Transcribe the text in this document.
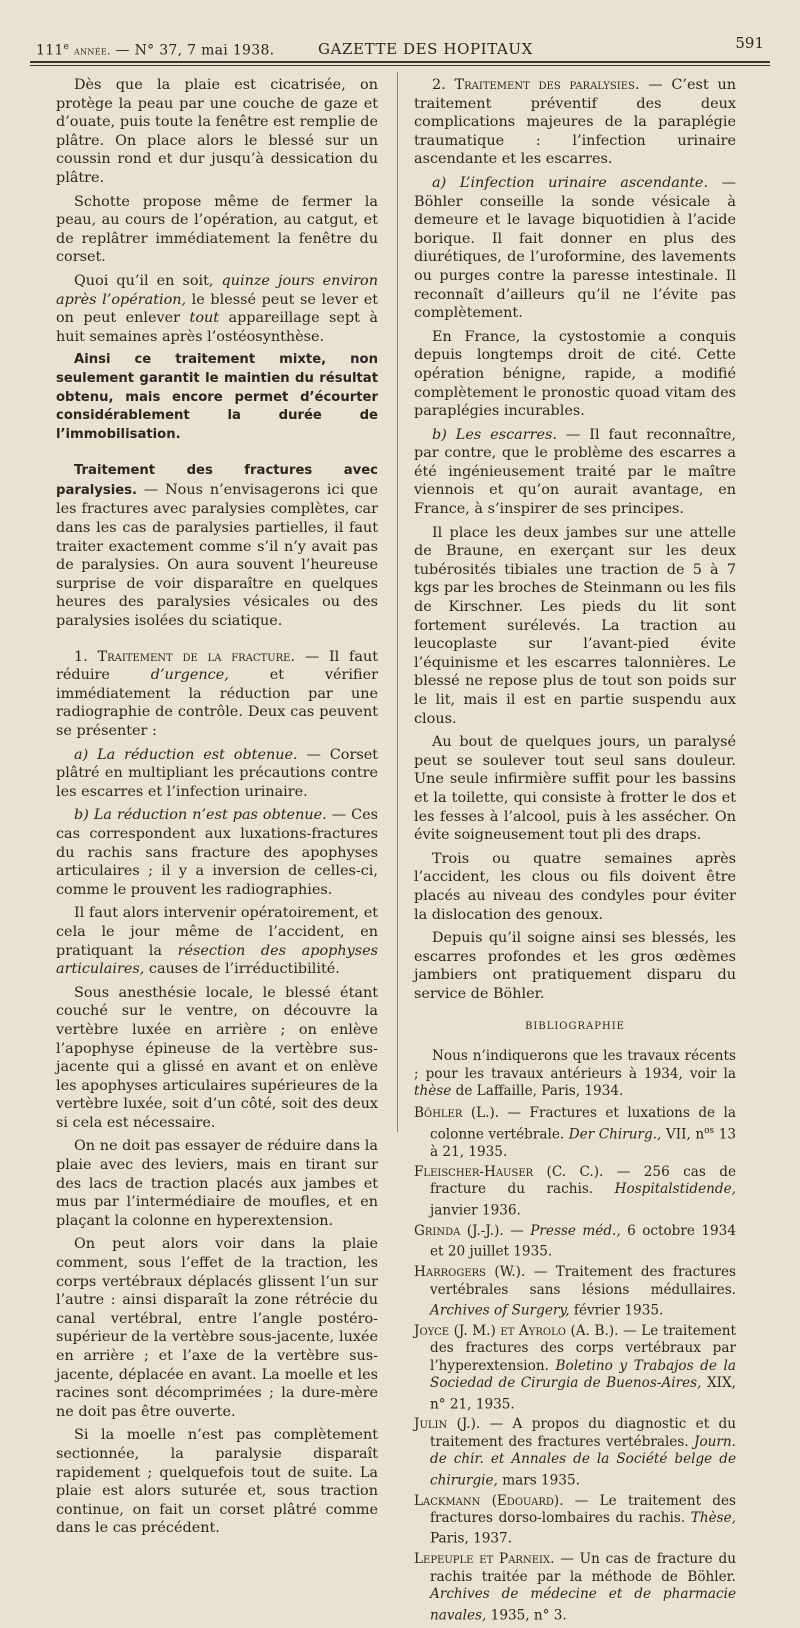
111e année. — N° 37, 7 mai 1938.	GAZETTE DES HOPITAUX	591

Dès que la plaie est cicatrisée, on protège la peau par une couche de gaze et d’ouate, puis toute la fenêtre est remplie de plâtre. On place alors le blessé sur un coussin rond et dur jusqu’à dessication du plâtre.

Schotte propose même de fermer la peau, au cours de l’opération, au catgut, et de replâtrer immédiatement la fenêtre du corset.

Quoi qu’il en soit, quinze jours environ après l’opération, le blessé peut se lever et on peut enlever tout appareillage sept à huit semaines après l’ostéosynthèse.

Ainsi ce traitement mixte, non seulement garantit le maintien du résultat obtenu, mais encore permet d’écourter considérablement la durée de l’immobilisation.

Traitement des fractures avec paralysies. — Nous n’envisagerons ici que les fractures avec paralysies complètes, car dans les cas de paralysies partielles, il faut traiter exactement comme s’il n’y avait pas de paralysies. On aura souvent l’heureuse surprise de voir disparaître en quelques heures des paralysies vésicales ou des paralysies isolées du sciatique.

1. Traitement de la fracture. — Il faut réduire d’urgence, et vérifier immédiatement la réduction par une radiographie de contrôle. Deux cas peuvent se présenter :

a) La réduction est obtenue. — Corset plâtré en multipliant les précautions contre les escarres et l’infection urinaire.

b) La réduction n’est pas obtenue. — Ces cas correspondent aux luxations-fractures du rachis sans fracture des apophyses articulaires ; il y a inversion de celles-ci, comme le prouvent les radiographies.

Il faut alors intervenir opératoirement, et cela le jour même de l’accident, en pratiquant la résection des apophyses articulaires, causes de l’irréductibilité.

Sous anesthésie locale, le blessé étant couché sur le ventre, on découvre la vertèbre luxée en arrière ; on enlève l’apophyse épineuse de la vertèbre sus-jacente qui a glissé en avant et on enlève les apophyses articulaires supérieures de la vertèbre luxée, soit d’un côté, soit des deux si cela est nécessaire.

On ne doit pas essayer de réduire dans la plaie avec des leviers, mais en tirant sur des lacs de traction placés aux jambes et mus par l’intermédiaire de moufles, et en plaçant la colonne en hyperextension.

On peut alors voir dans la plaie comment, sous l’effet de la traction, les corps vertébraux déplacés glissent l’un sur l’autre : ainsi disparaît la zone rétrécie du canal vertébral, entre l’angle postéro-supérieur de la vertèbre sous-jacente, luxée en arrière ; et l’axe de la vertèbre sus-jacente, déplacée en avant. La moelle et les racines sont décomprimées ; la dure-mère ne doit pas être ouverte.

Si la moelle n’est pas complètement sectionnée, la paralysie disparaît rapidement ; quelquefois tout de suite. La plaie est alors suturée et, sous traction continue, on fait un corset plâtré comme dans le cas précédent.

2. Traitement des paralysies. — C’est un traitement préventif des deux complications majeures de la paraplégie traumatique : l’infection urinaire ascendante et les escarres.

a) L’infection urinaire ascendante. — Böhler conseille la sonde vésicale à demeure et le lavage biquotidien à l’acide borique. Il fait donner en plus des diurétiques, de l’uroformine, des lavements ou purges contre la paresse intestinale. Il reconnaît d’ailleurs qu’il ne l’évite pas complètement.

En France, la cystostomie a conquis depuis longtemps droit de cité. Cette opération bénigne, rapide, a modifié complètement le pronostic quoad vitam des paraplégies incurables.

b) Les escarres. — Il faut reconnaître, par contre, que le problème des escarres a été ingénieusement traité par le maître viennois et qu’on aurait avantage, en France, à s’inspirer de ses principes.

Il place les deux jambes sur une attelle de Braune, en exerçant sur les deux tubérosités tibiales une traction de 5 à 7 kgs par les broches de Steinmann ou les fils de Kirschner. Les pieds du lit sont fortement surélevés. La traction au leucoplaste sur l’avant-pied évite l’équinisme et les escarres talonnières. Le blessé ne repose plus de tout son poids sur le lit, mais il est en partie suspendu aux clous.

Au bout de quelques jours, un paralysé peut se soulever tout seul sans douleur. Une seule infirmière suffit pour les bassins et la toilette, qui consiste à frotter le dos et les fesses à l’alcool, puis à les assécher. On évite soigneusement tout pli des draps.

Trois ou quatre semaines après l’accident, les clous ou fils doivent être placés au niveau des condyles pour éviter la dislocation des genoux.

Depuis qu’il soigne ainsi ses blessés, les escarres profondes et les gros œdèmes jambiers ont pratiquement disparu du service de Böhler.

BIBLIOGRAPHIE

Nous n’indiquerons que les travaux récents ; pour les travaux antérieurs à 1934, voir la thèse de Laffaille, Paris, 1934.

Böhler (L.). — Fractures et luxations de la colonne vertébrale. Der Chirurg., VII, $n^{os}$ 13 à 21, 1935.

Fleischer-Hauser (C. C.). — 256 cas de fracture du rachis. Hospitalstidende, janvier 1936.

Grinda (J.-J.). — Presse méd., 6 octobre 1934 et 20 juillet 1935.

Harrogers (W.). — Traitement des fractures vertébrales sans lésions médullaires. Archives of Surgery, février 1935.

Joyce (J. M.) et Ayrolo (A. B.). — Le traitement des fractures des corps vertébraux par l’hyperextension. Boletino y Trabajos de la Sociedad de Cirurgia de Buenos-Aires, XIX, n° 21, 1935.

Julin (J.). — A propos du diagnostic et du traitement des fractures vertébrales. Journ. de chir. et Annales de la Société belge de chirurgie, mars 1935.

Lackmann (Edouard). — Le traitement des fractures dorso-lombaires du rachis. Thèse, Paris, 1937.

Lepeuple et Parneix. — Un cas de fracture du rachis traitée par la méthode de Böhler. Archives de médecine et de pharmacie navales, 1935, n° 3.
